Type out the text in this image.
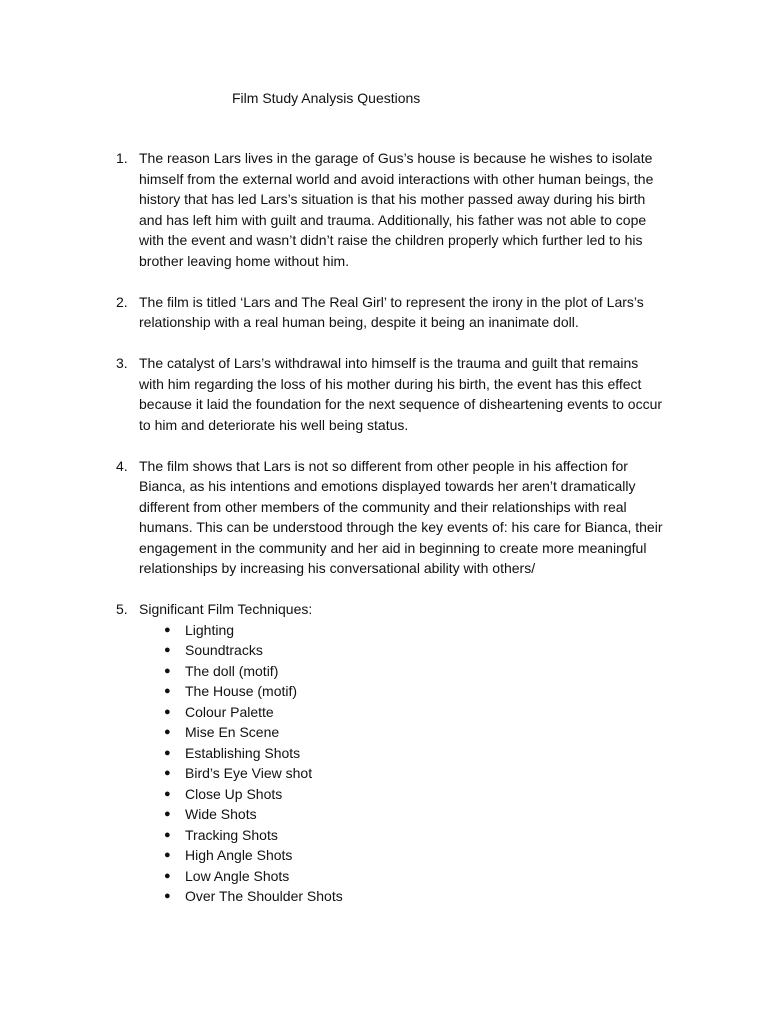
Film Study Analysis Questions
1. The reason Lars lives in the garage of Gus’s house is because he wishes to isolate
himself from the external world and avoid interactions with other human beings, the
history that has led Lars’s situation is that his mother passed away during his birth
and has left him with guilt and trauma. Additionally, his father was not able to cope
with the event and wasn’t didn’t raise the children properly which further led to his
brother leaving home without him.
2. The film is titled ‘Lars and The Real Girl’ to represent the irony in the plot of Lars’s
relationship with a real human being, despite it being an inanimate doll.
3. The catalyst of Lars’s withdrawal into himself is the trauma and guilt that remains
with him regarding the loss of his mother during his birth, the event has this effect
because it laid the foundation for the next sequence of disheartening events to occur
to him and deteriorate his well being status.
4. The film shows that Lars is not so different from other people in his affection for
Bianca, as his intentions and emotions displayed towards her aren’t dramatically
different from other members of the community and their relationships with real
humans. This can be understood through the key events of: his care for Bianca, their
engagement in the community and her aid in beginning to create more meaningful
relationships by increasing his conversational ability with others/
5. Significant Film Techniques:
● Lighting
● Soundtracks
● The doll (motif)
● The House (motif)
● Colour Palette
● Mise En Scene
● Establishing Shots
● Bird’s Eye View shot
● Close Up Shots
● Wide Shots
● Tracking Shots
● High Angle Shots
● Low Angle Shots
● Over The Shoulder Shots
